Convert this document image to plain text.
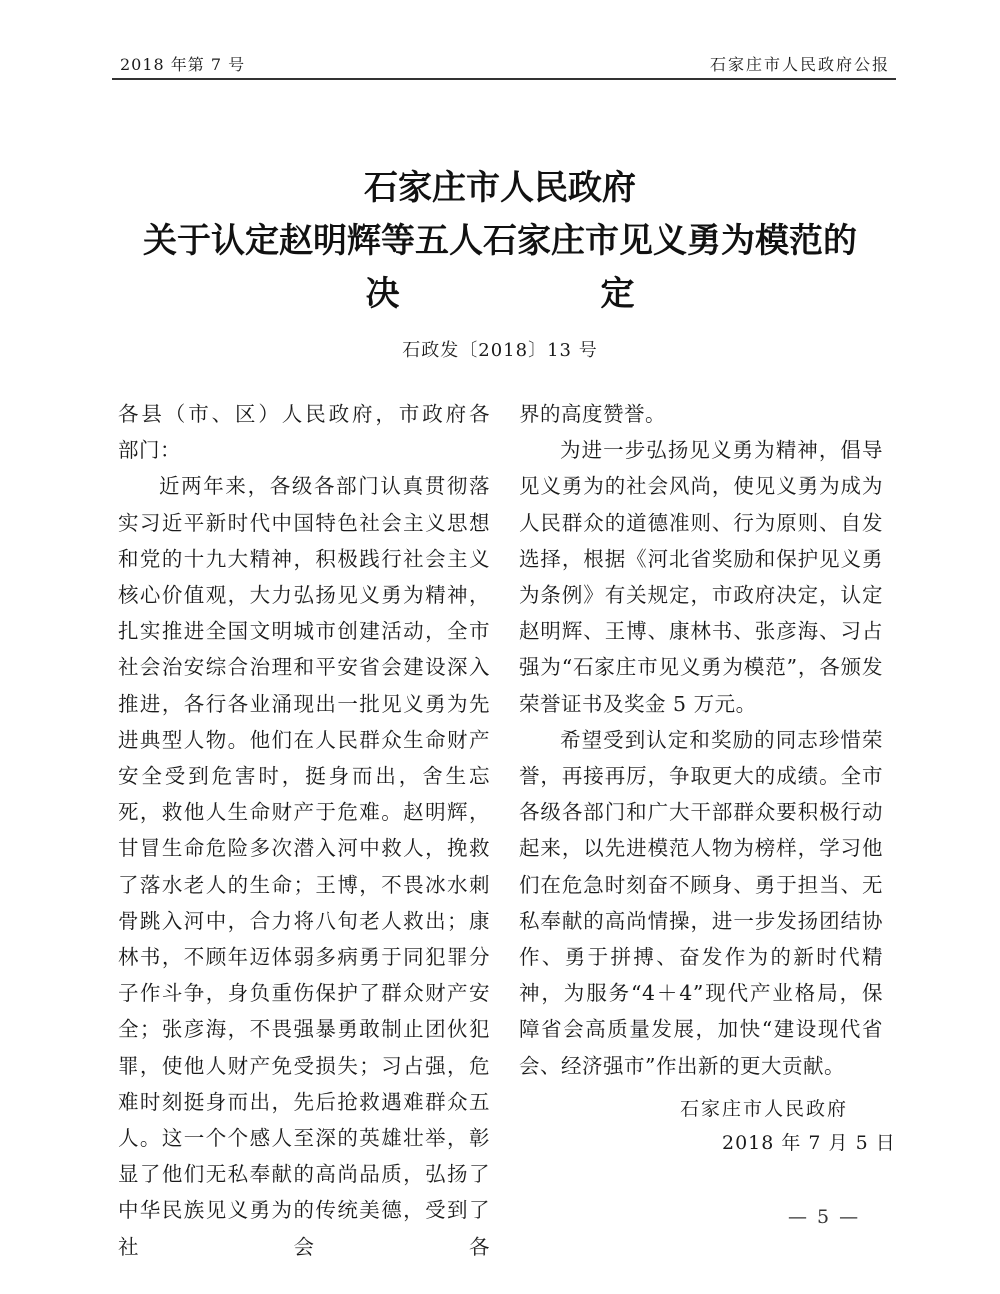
2018 年第 7 号	石家庄市人民政府公报
石家庄市人民政府
关于认定赵明辉等五人石家庄市见义勇为模范的
决	定
石政发〔2018〕13 号

各县（市、区）人民政府，市政府各

部门：

近两年来，各级各部门认真贯彻落实习近平新时代中国特色社会主义思想和党的十九大精神，积极践行社会主义核心价值观，大力弘扬见义勇为精神，扎实推进全国文明城市创建活动，全市社会治安综合治理和平安省会建设深入推进，各行各业涌现出一批见义勇为先进典型人物。他们在人民群众生命财产安全受到危害时，挺身而出，舍生忘死，救他人生命财产于危难。赵明辉，甘冒生命危险多次潜入河中救人，挽救了落水老人的生命；王博，不畏冰水刺骨跳入河中，合力将八旬老人救出；康林书，不顾年迈体弱多病勇于同犯罪分子作斗争，身负重伤保护了群众财产安全；张彦海，不畏强暴勇敢制止团伙犯罪，使他人财产免受损失；习占强，危难时刻挺身而出，先后抢救遇难群众五人。这一个个感人至深的英雄壮举，彰显了他们无私奉献的高尚品质，弘扬了中华民族见义勇为的传统美德，受到了社会各

界的高度赞誉。

为进一步弘扬见义勇为精神，倡导见义勇为的社会风尚，使见义勇为成为人民群众的道德准则、行为原则、自发选择，根据《河北省奖励和保护见义勇为条例》有关规定，市政府决定，认定赵明辉、王博、康林书、张彦海、习占强为“石家庄市见义勇为模范”，各颁发荣誉证书及奖金 5 万元。

希望受到认定和奖励的同志珍惜荣誉，再接再厉，争取更大的成绩。全市各级各部门和广大干部群众要积极行动起来，以先进模范人物为榜样，学习他们在危急时刻奋不顾身、勇于担当、无私奉献的高尚情操，进一步发扬团结协作、勇于拼搏、奋发作为的新时代精神，为服务“4＋4”现代产业格局，保障省会高质量发展，加快“建设现代省会、经济强市”作出新的更大贡献。

石家庄市人民政府
2018 年 7 月 5 日
— 5 —
